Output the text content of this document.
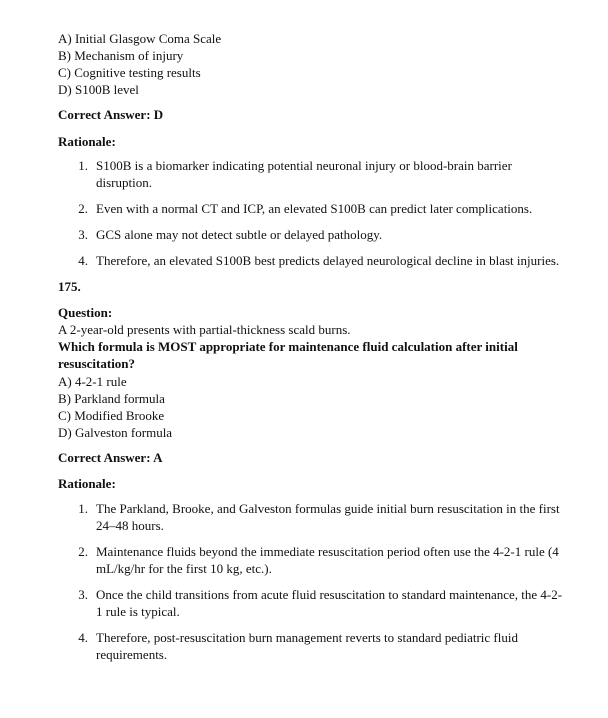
A) Initial Glasgow Coma Scale
B) Mechanism of injury
C) Cognitive testing results
D) S100B level
Correct Answer: D
Rationale:
1. S100B is a biomarker indicating potential neuronal injury or blood-brain barrier
disruption.
2. Even with a normal CT and ICP, an elevated S100B can predict later complications.
3. GCS alone may not detect subtle or delayed pathology.
4. Therefore, an elevated S100B best predicts delayed neurological decline in blast injuries.
175.
Question:
A 2-year-old presents with partial-thickness scald burns.
Which formula is MOST appropriate for maintenance fluid calculation after initial
resuscitation?
A) 4-2-1 rule
B) Parkland formula
C) Modified Brooke
D) Galveston formula
Correct Answer: A
Rationale:
1. The Parkland, Brooke, and Galveston formulas guide initial burn resuscitation in the first
24–48 hours.
2. Maintenance fluids beyond the immediate resuscitation period often use the 4-2-1 rule (4
mL/kg/hr for the first 10 kg, etc.).
3. Once the child transitions from acute fluid resuscitation to standard maintenance, the 4-2-
1 rule is typical.
4. Therefore, post-resuscitation burn management reverts to standard pediatric fluid
requirements.
